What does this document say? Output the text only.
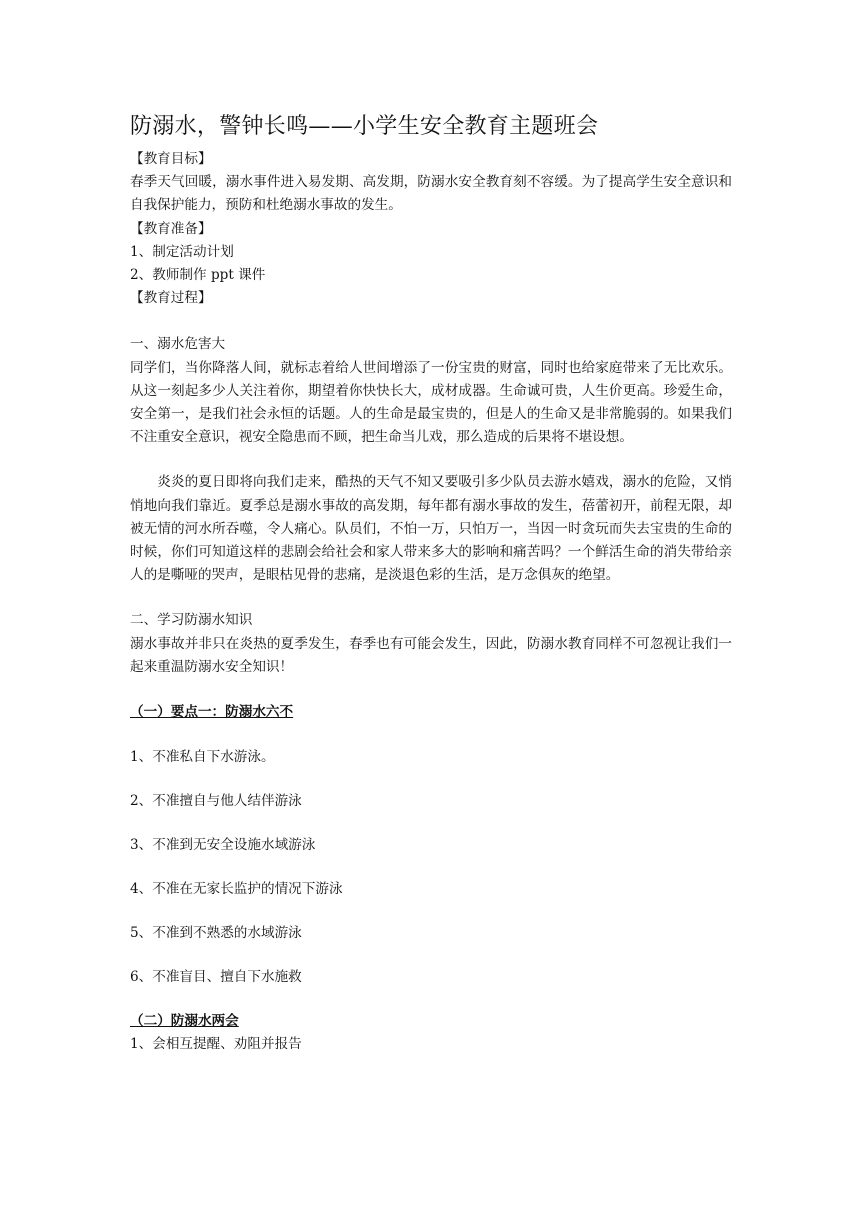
防溺水，警钟长鸣——小学生安全教育主题班会

【教育目标】

春季天气回暖，溺水事件进入易发期、高发期，防溺水安全教育刻不容缓。为了提高学生安全意识和自我保护能力，预防和杜绝溺水事故的发生。

【教育准备】

1、制定活动计划

2、教师制作 ppt 课件

【教育过程】

一、溺水危害大

同学们，当你降落人间，就标志着给人世间增添了一份宝贵的财富，同时也给家庭带来了无比欢乐。从这一刻起多少人关注着你，期望着你快快长大，成材成器。生命诚可贵，人生价更高。珍爱生命，安全第一，是我们社会永恒的话题。人的生命是最宝贵的，但是人的生命又是非常脆弱的。如果我们不注重安全意识，视安全隐患而不顾，把生命当儿戏，那么造成的后果将不堪设想。

炎炎的夏日即将向我们走来，酷热的天气不知又要吸引多少队员去游水嬉戏，溺水的危险，又悄悄地向我们靠近。夏季总是溺水事故的高发期，每年都有溺水事故的发生，蓓蕾初开，前程无限，却被无情的河水所吞噬，令人痛心。队员们，不怕一万，只怕万一，当因一时贪玩而失去宝贵的生命的时候，你们可知道这样的悲剧会给社会和家人带来多大的影响和痛苦吗？一个鲜活生命的消失带给亲人的是嘶哑的哭声，是眼枯见骨的悲痛，是淡退色彩的生活，是万念俱灰的绝望。

二、学习防溺水知识

溺水事故并非只在炎热的夏季发生，春季也有可能会发生，因此，防溺水教育同样不可忽视让我们一起来重温防溺水安全知识！

（一）要点一：防溺水六不

1、不准私自下水游泳。

2、不准擅自与他人结伴游泳

3、不准到无安全设施水域游泳

4、不准在无家长监护的情况下游泳

5、不准到不熟悉的水域游泳

6、不准盲目、擅自下水施救

（二）防溺水两会

1、会相互提醒、劝阻并报告
